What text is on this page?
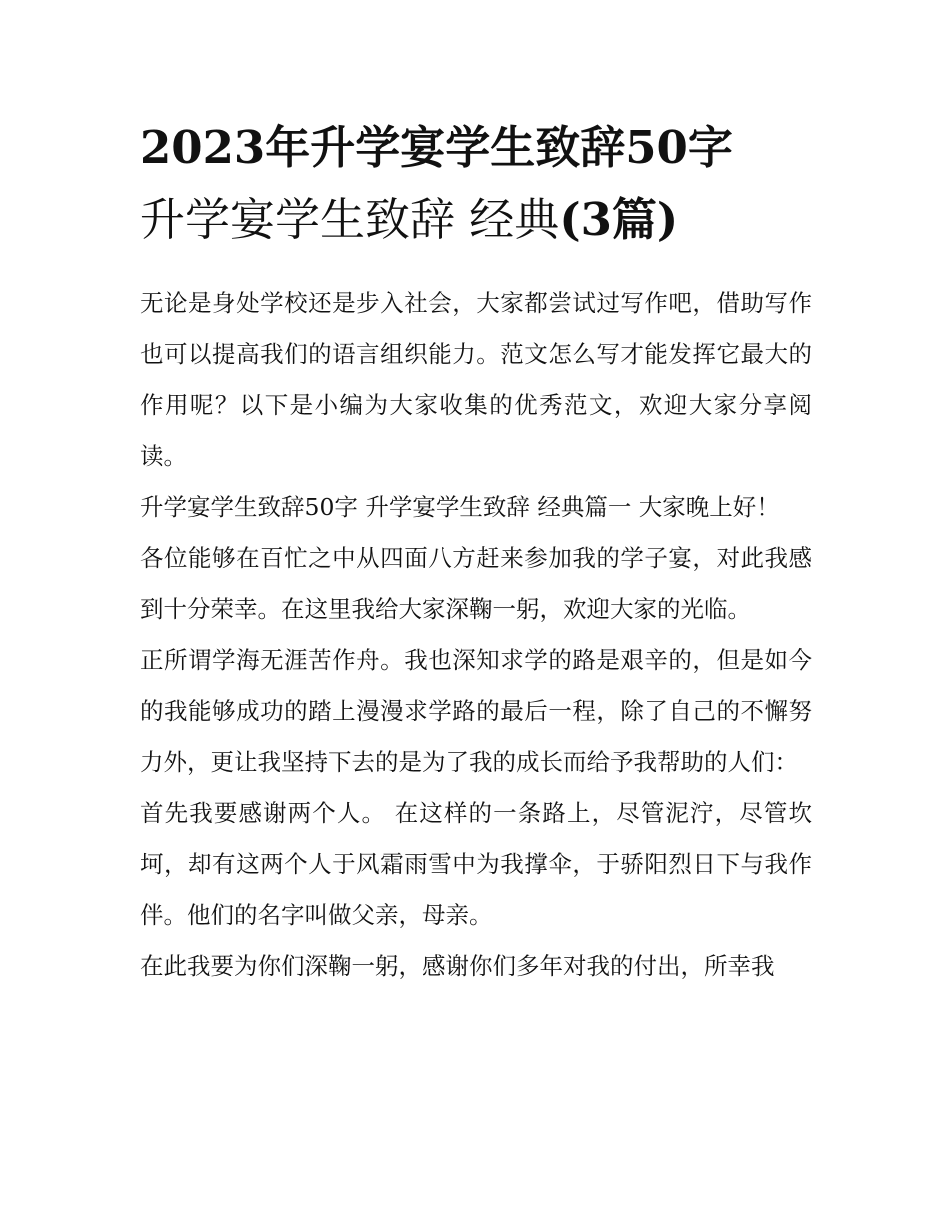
2023年升学宴学生致辞50字
升学宴学生致辞 经典(3篇)

无论是身处学校还是步入社会，大家都尝试过写作吧，借助写作也可以提高我们的语言组织能力。范文怎么写才能发挥它最大的作用呢？以下是小编为大家收集的优秀范文，欢迎大家分享阅读。

升学宴学生致辞50字 升学宴学生致辞 经典篇一 大家晚上好！

各位能够在百忙之中从四面八方赶来参加我的学子宴，对此我感到十分荣幸。在这里我给大家深鞠一躬，欢迎大家的光临。

正所谓学海无涯苦作舟。我也深知求学的路是艰辛的，但是如今的我能够成功的踏上漫漫求学路的最后一程，除了自己的不懈努力外，更让我坚持下去的是为了我的成长而给予我帮助的人们：

首先我要感谢两个人。 在这样的一条路上，尽管泥泞，尽管坎坷，却有这两个人于风霜雨雪中为我撑伞，于骄阳烈日下与我作伴。他们的名字叫做父亲，母亲。

在此我要为你们深鞠一躬，感谢你们多年对我的付出，所幸我
